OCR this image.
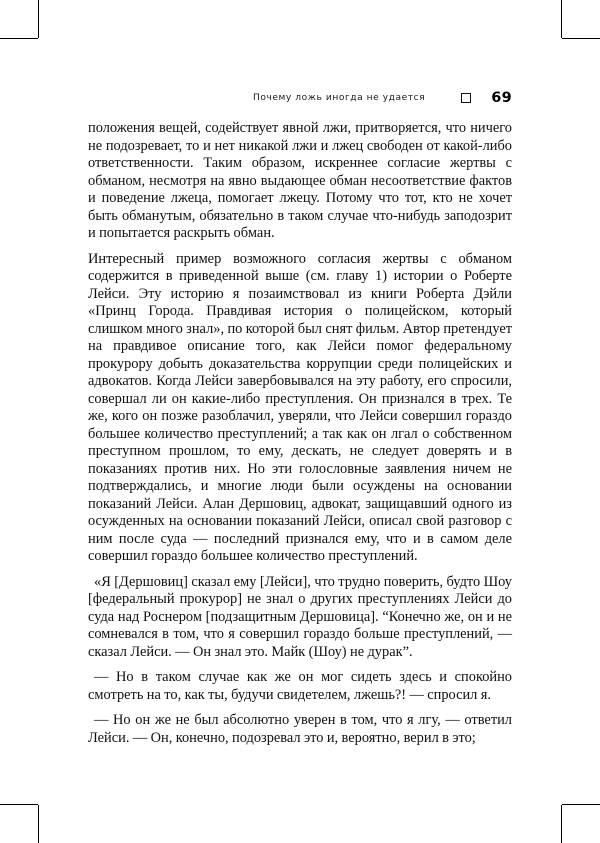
Почему ложь иногда не удается	69

положения вещей, содействует явной лжи, притворяется, что ничего не подозревает, то и нет никакой лжи и лжец свободен от какой-либо ответственности. Таким образом, искреннее согласие жертвы с обманом, несмотря на явно выдающее обман несоответствие фактов и поведение лжеца, помогает лжецу. Потому что тот, кто не хочет быть обманутым, обязательно в таком случае что-нибудь заподозрит и попытается раскрыть обман.

Интересный пример возможного согласия жертвы с обманом содержится в приведенной выше (см. главу 1) истории о Роберте Лейси. Эту историю я позаимствовал из книги Роберта Дэйли «Принц Города. Правдивая история о полицейском, который слишком много знал», по которой был снят фильм. Автор претендует на правдивое описание того, как Лейси помог федеральному прокурору добыть доказательства коррупции среди полицейских и адвокатов. Когда Лейси завербовывался на эту работу, его спросили, совершал ли он какие-либо преступления. Он признался в трех. Те же, кого он позже разоблачил, уверяли, что Лейси совершил гораздо большее количество преступлений; а так как он лгал о собственном преступном прошлом, то ему, дескать, не следует доверять и в показаниях против них. Но эти голословные заявления ничем не подтверждались, и многие люди были осуждены на основании показаний Лейси. Алан Дершовиц, адвокат, защищавший одного из осужденных на основании показаний Лейси, описал свой разговор с ним после суда — последний признался ему, что и в самом деле совершил гораздо большее количество преступлений.

«Я [Дершовиц] сказал ему [Лейси], что трудно поверить, будто Шоу [федеральный прокурор] не знал о других преступлениях Лейси до суда над Роснером [подзащитным Дершовица]. “Конечно же, он и не сомневался в том, что я совершил гораздо больше преступлений, — сказал Лейси. — Он знал это. Майк (Шоу) не дурак”.

— Но в таком случае как же он мог сидеть здесь и спокойно смотреть на то, как ты, будучи свидетелем, лжешь?! — спросил я.

— Но он же не был абсолютно уверен в том, что я лгу, — ответил Лейси. — Он, конечно, подозревал это и, вероятно, верил в это;
